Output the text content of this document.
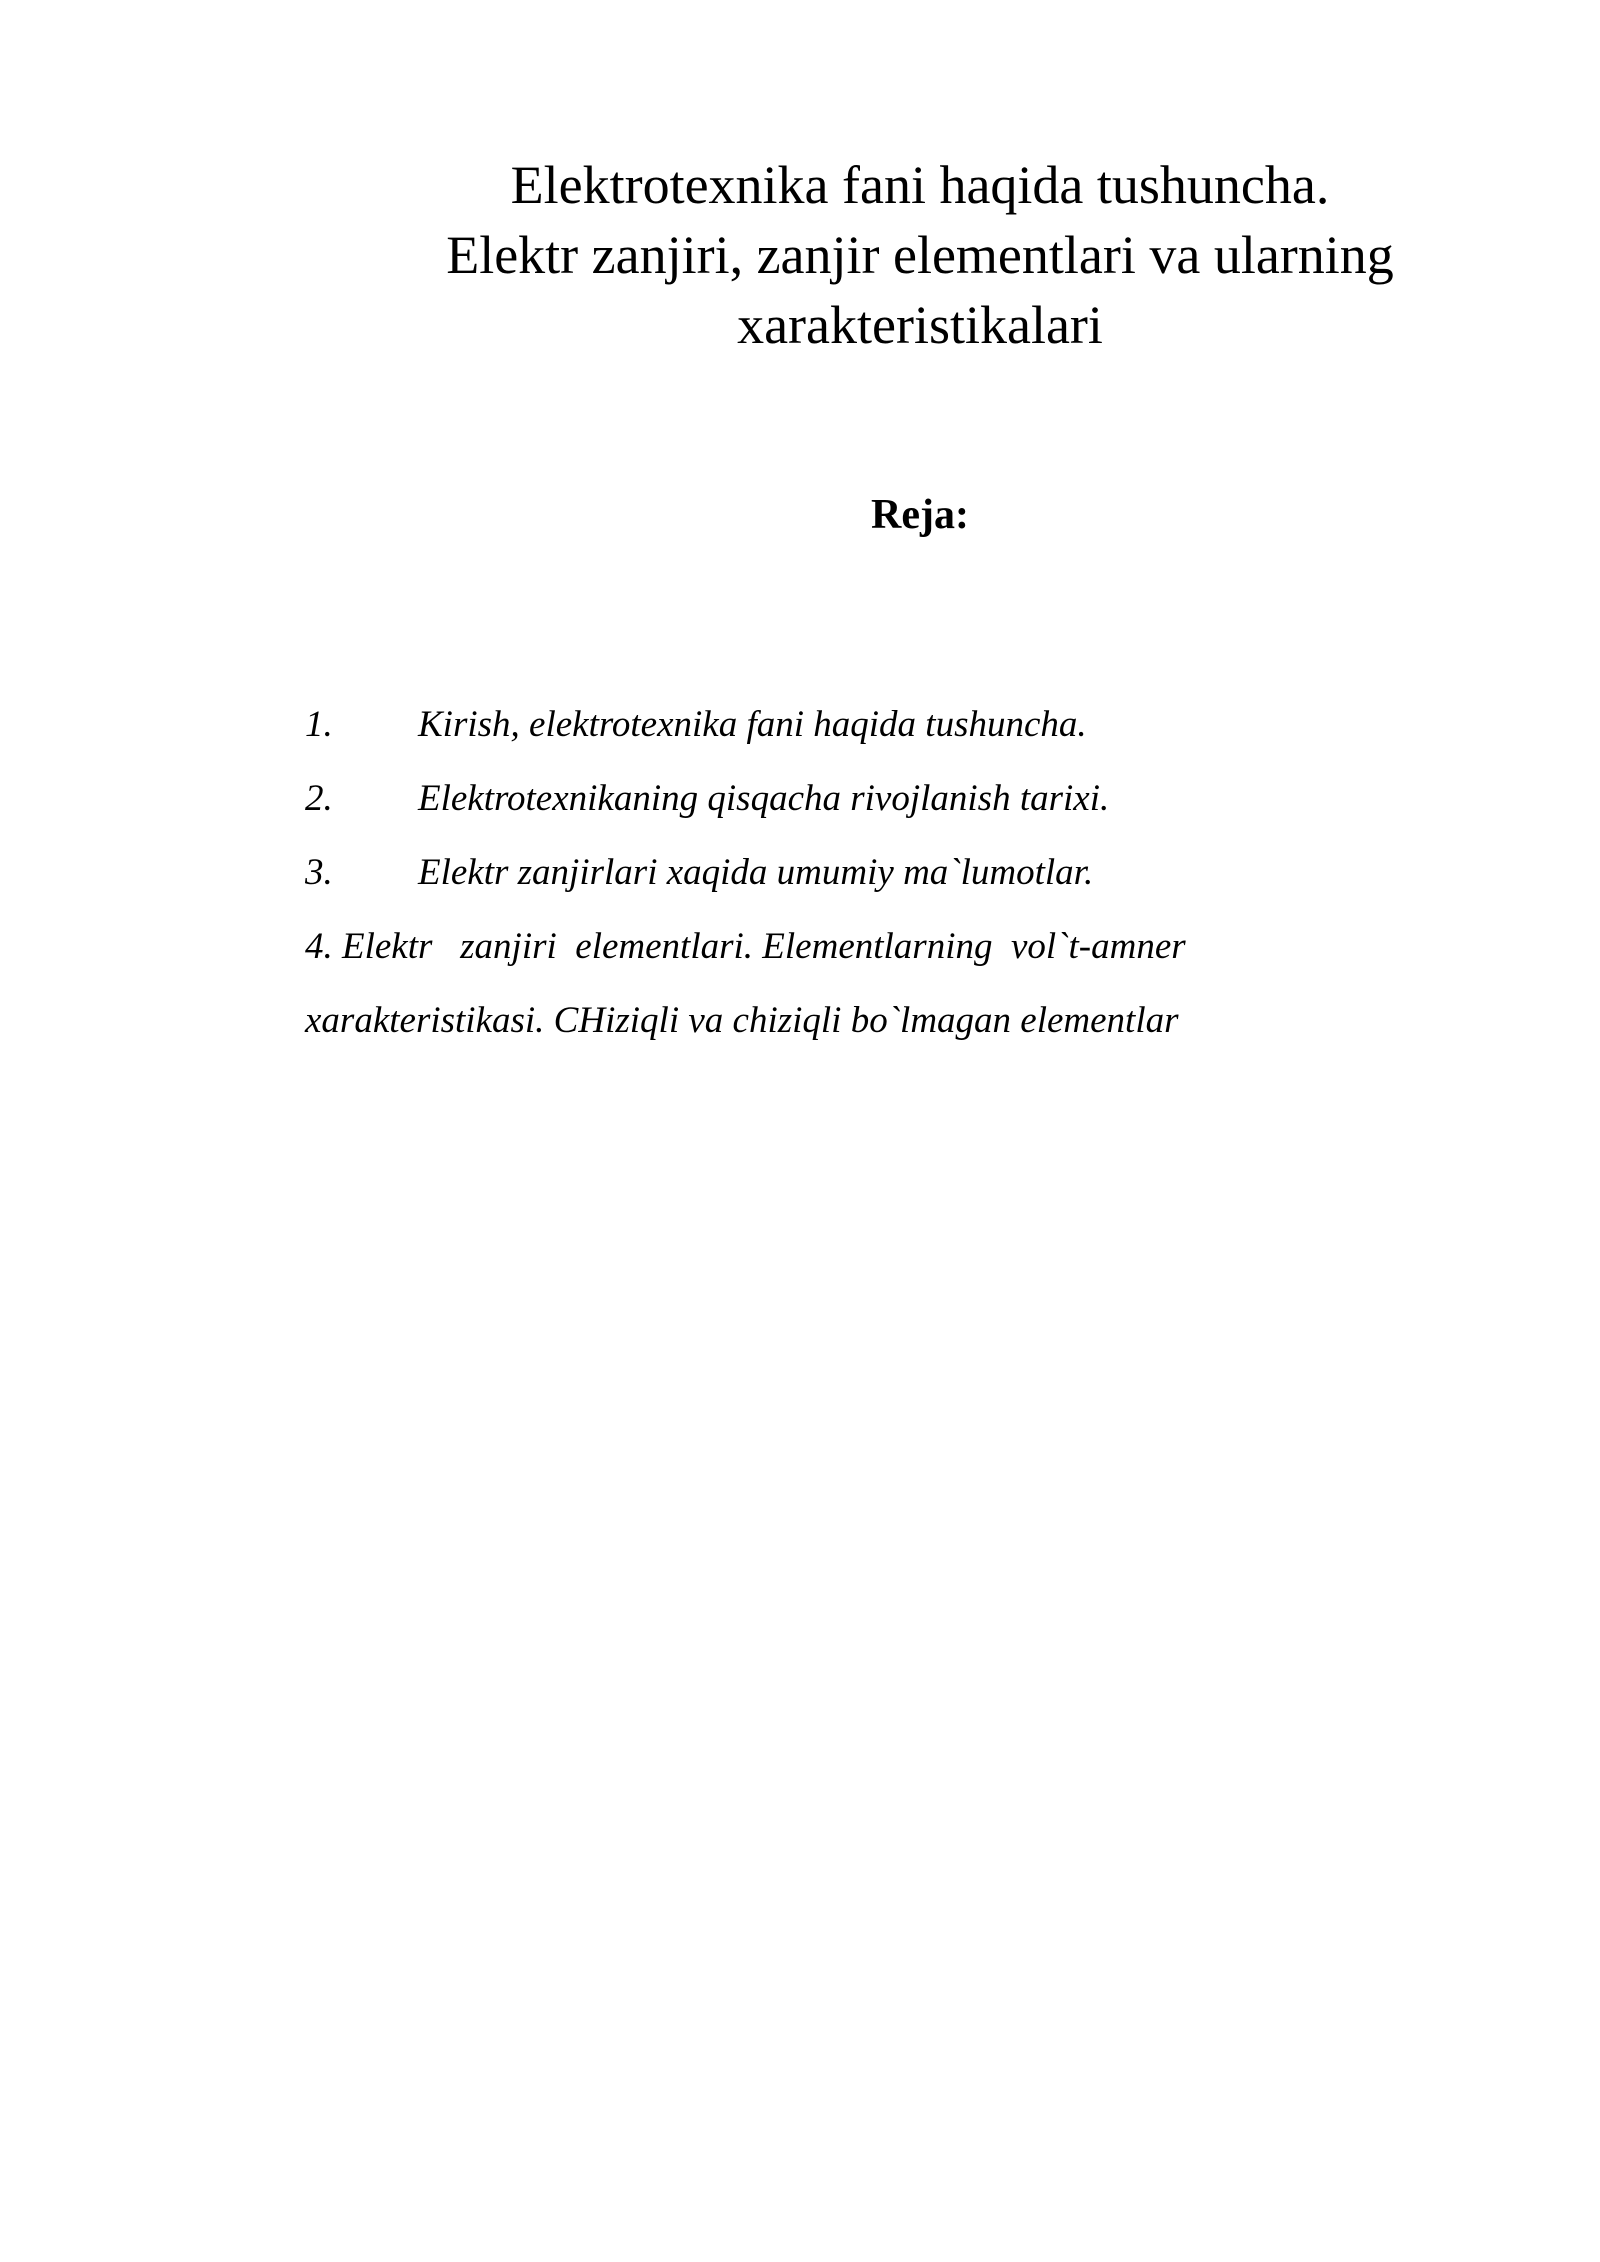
Elektrotexnika fani haqida tushuncha.
Elektr zanjiri, zanjir elementlari va ularning
xarakteristikalari
Reja:
1. Kirish, elektrotexnika fani haqida tushuncha.
2. Elektrotexnikaning qisqacha rivojlanish tarixi.
3. Elektr zanjirlari xaqida umumiy ma`lumotlar.
4. Elektr   zanjiri  elementlari. Elementlarning  vol`t-amner
xarakteristikasi. CHiziqli va chiziqli bo`lmagan elementlar
